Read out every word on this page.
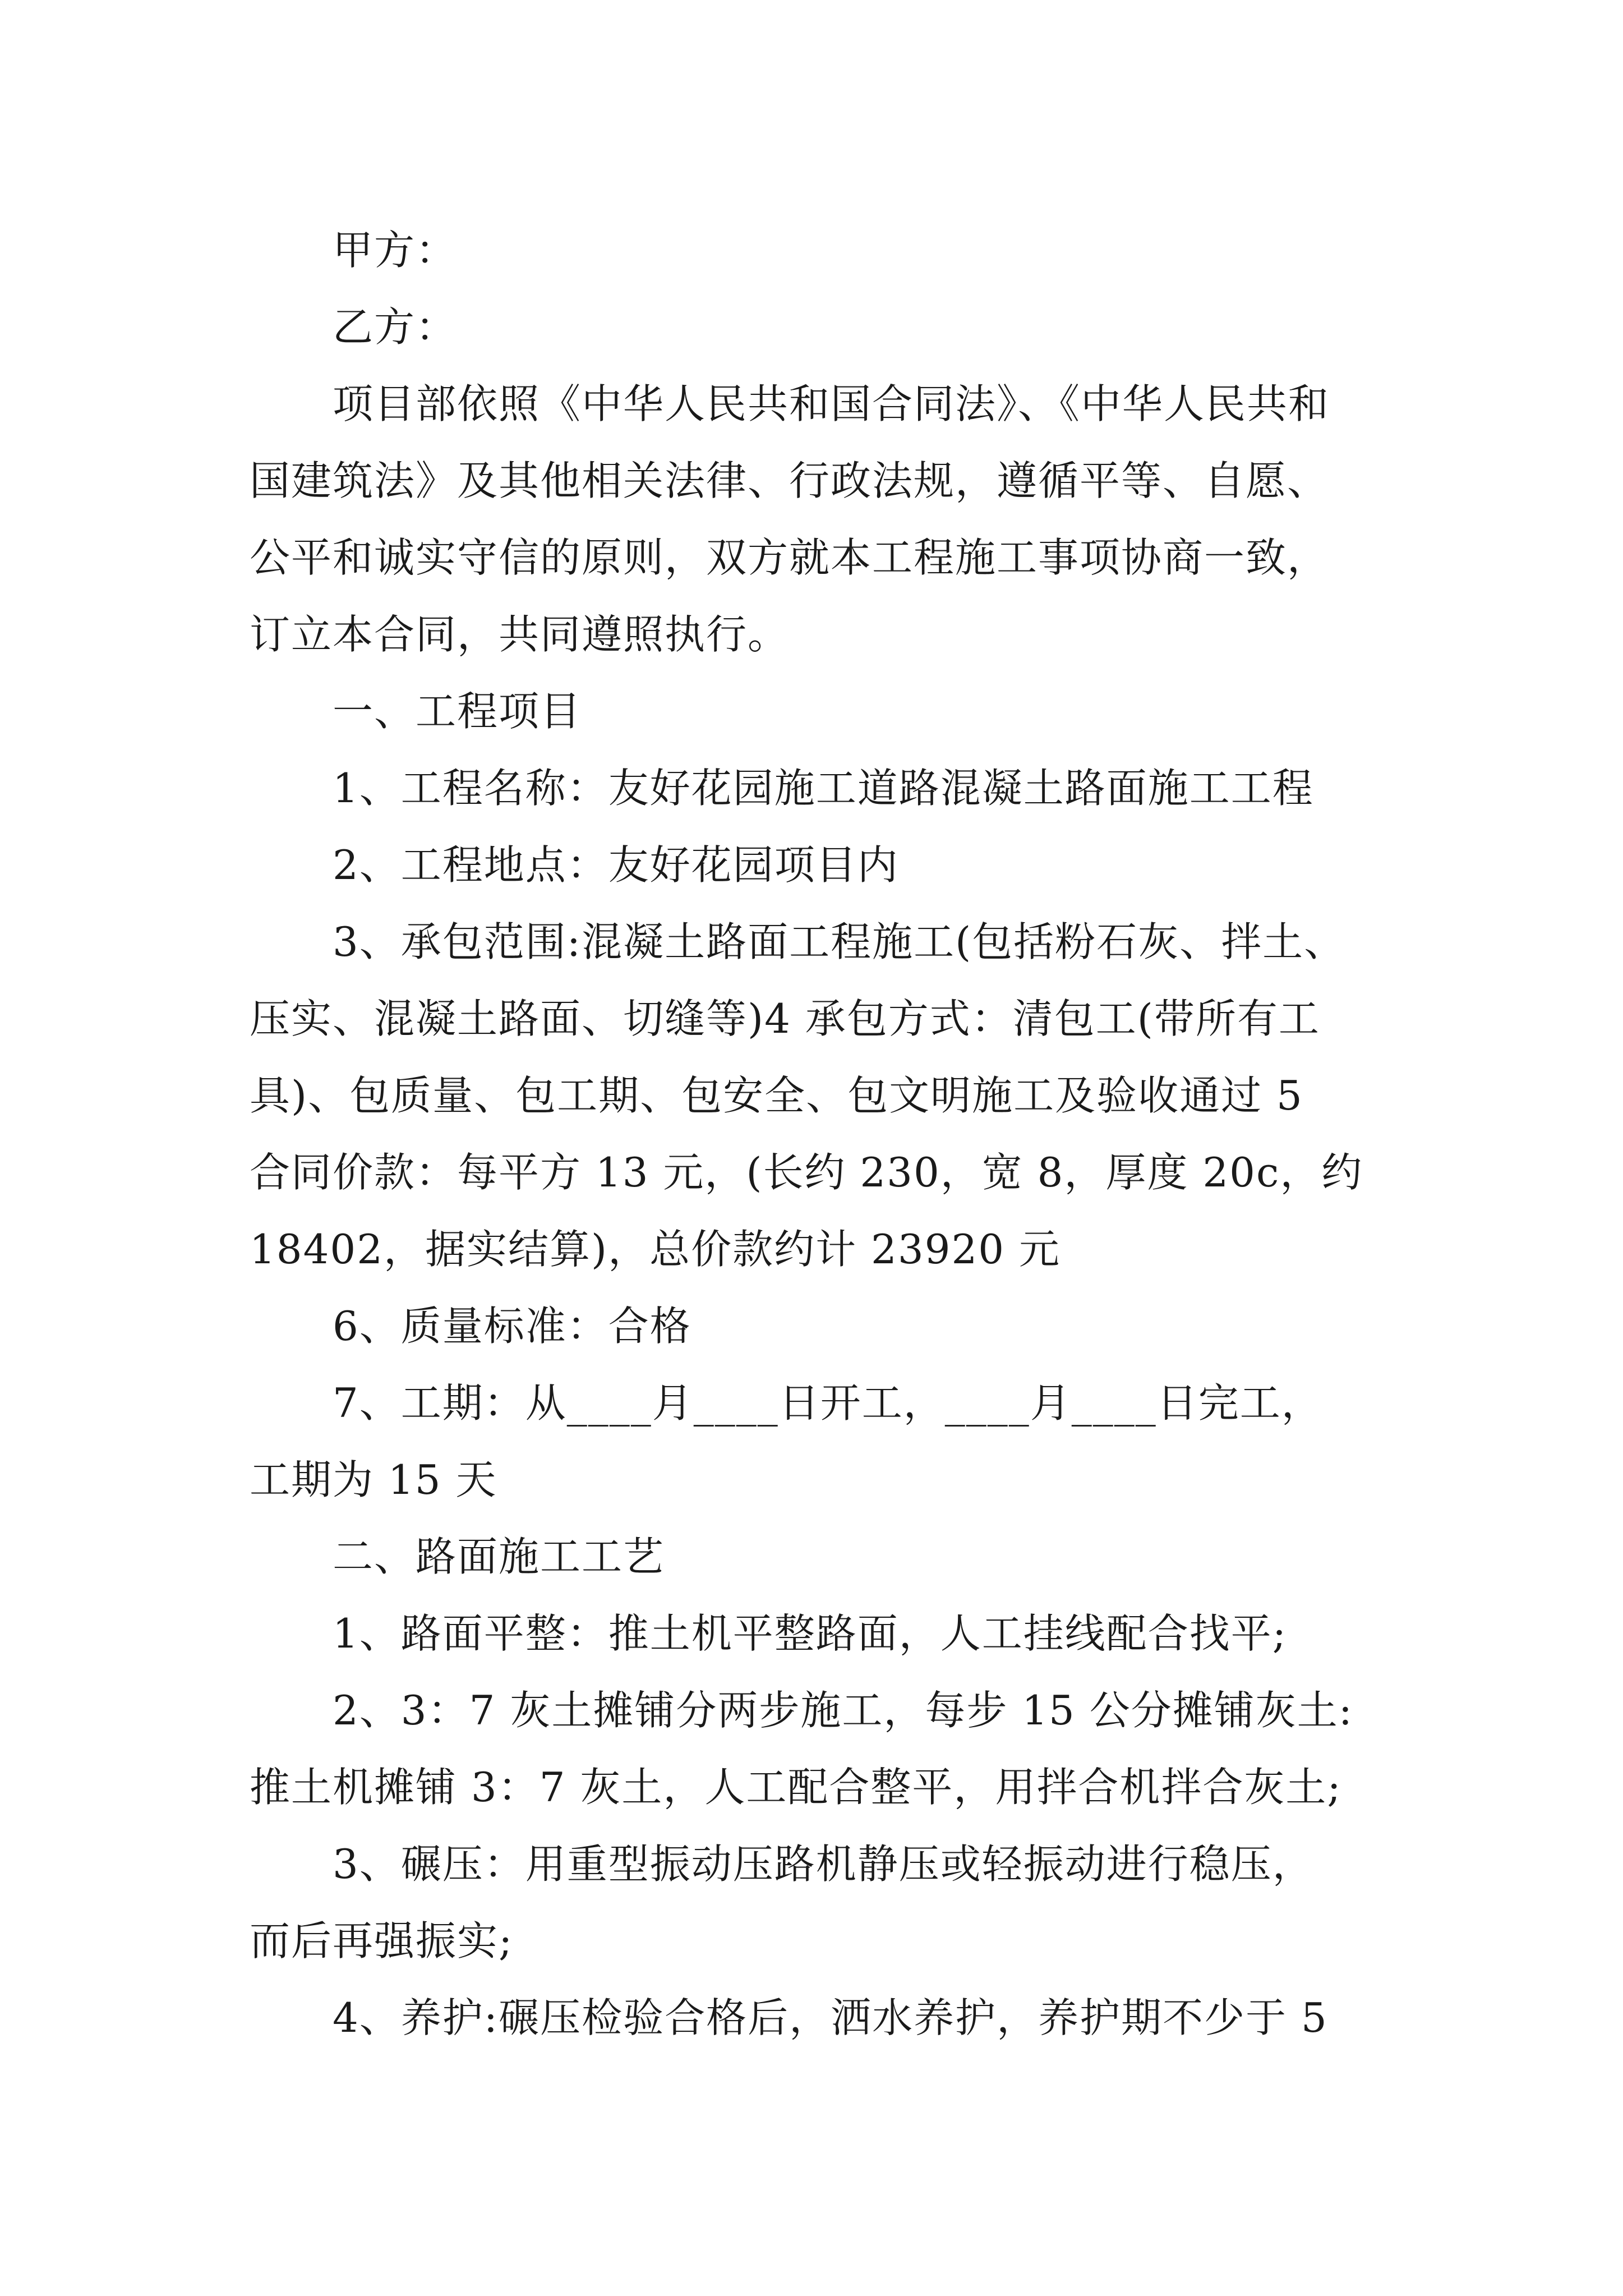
甲方：
乙方：
项目部依照《中华人民共和国合同法》、《中华人民共和
国建筑法》及其他相关法律、行政法规，遵循平等、自愿、
公平和诚实守信的原则，双方就本工程施工事项协商一致，
订立本合同，共同遵照执行。
一、工程项目
1、工程名称：友好花园施工道路混凝土路面施工工程
2、工程地点：友好花园项目内
3、承包范围:混凝土路面工程施工(包括粉石灰、拌土、
压实、混凝土路面、切缝等)4 承包方式：清包工(带所有工
具)、包质量、包工期、包安全、包文明施工及验收通过 5
合同价款：每平方 13 元，(长约 230，宽 8，厚度 20c，约
18402，据实结算)，总价款约计 23920 元
6、质量标准：合格
7、工期：从____月____日开工，____月____日完工，
工期为 15 天
二、路面施工工艺
1、路面平整：推土机平整路面，人工挂线配合找平;
2、3：7 灰土摊铺分两步施工，每步 15 公分摊铺灰土:
推土机摊铺 3：7 灰土，人工配合整平，用拌合机拌合灰土;
3、碾压：用重型振动压路机静压或轻振动进行稳压，
而后再强振实;
4、养护:碾压检验合格后，洒水养护，养护期不少于 5
